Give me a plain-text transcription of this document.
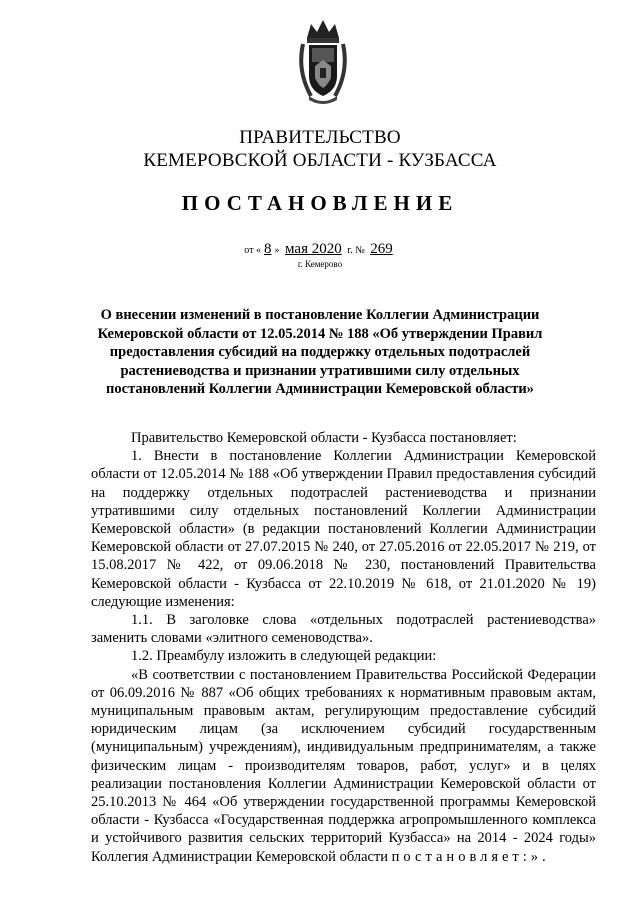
ПРАВИТЕЛЬСТВО
КЕМЕРОВСКОЙ ОБЛАСТИ - КУЗБАССА
ПОСТАНОВЛЕНИЕ
от « 8 » мая 2020 г. № 269
г. Кемерово
О внесении изменений в постановление Коллегии Администрации Кемеровской области от 12.05.2014 № 188 «Об утверждении Правил предоставления субсидий на поддержку отдельных подотраслей растениеводства и признании утратившими силу отдельных постановлений Коллегии Администрации Кемеровской области»

Правительство Кемеровской области - Кузбасса постановляет:

1. Внести в постановление Коллегии Администрации Кемеровской области от 12.05.2014 № 188 «Об утверждении Правил предоставления субсидий на поддержку отдельных подотраслей растениеводства и признании утратившими силу отдельных постановлений Коллегии Администрации Кемеровской области» (в редакции постановлений Коллегии Администрации Кемеровской области от 27.07.2015 № 240, от 27.05.2016 от 22.05.2017 № 219, от 15.08.2017 № 422, от 09.06.2018 № 230, постановлений Правительства Кемеровской области - Кузбасса от 22.10.2019 № 618, от 21.01.2020 № 19) следующие изменения:

1.1. В заголовке слова «отдельных подотраслей растениеводства» заменить словами «элитного семеноводства».

1.2. Преамбулу изложить в следующей редакции:

«В соответствии с постановлением Правительства Российской Федерации от 06.09.2016 № 887 «Об общих требованиях к нормативным правовым актам, муниципальным правовым актам, регулирующим предоставление субсидий юридическим лицам (за исключением субсидий государственным (муниципальным) учреждениям), индивидуальным предпринимателям, а также физическим лицам - производителям товаров, работ, услуг» и в целях реализации постановления Коллегии Администрации Кемеровской области от 25.10.2013 № 464 «Об утверждении государственной программы Кемеровской области - Кузбасса «Государственная поддержка агропромышленного комплекса и устойчивого развития сельских территорий Кузбасса» на 2014 - 2024 годы» Коллегия Администрации Кемеровской области постановляет:».
